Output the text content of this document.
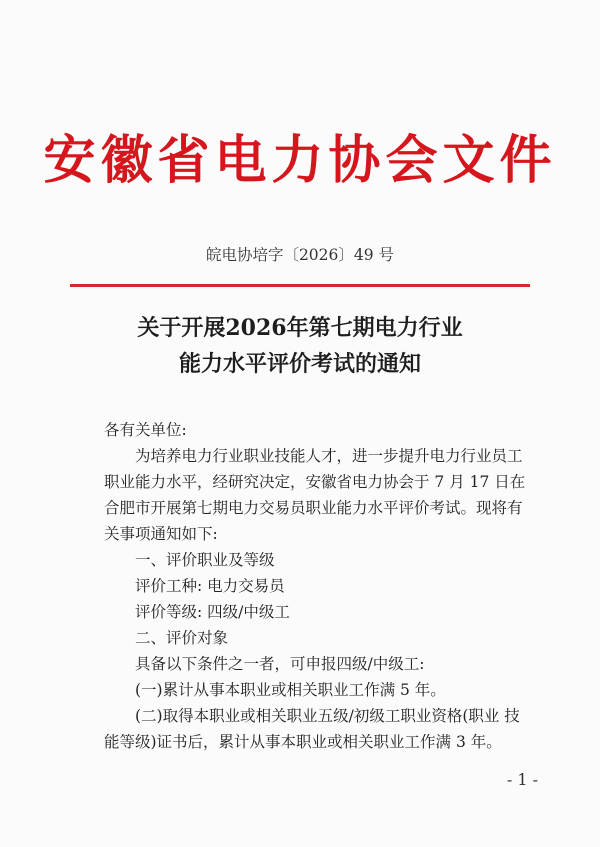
安徽省电力协会文件
皖电协培字〔2026〕49 号
关于开展2026年第七期电力行业
能力水平评价考试的通知

各有关单位:

为培养电力行业职业技能人才，进一步提升电力行业员工职业能力水平，经研究决定，安徽省电力协会于 7 月 17 日在合肥市开展第七期电力交易员职业能力水平评价考试。现将有关事项通知如下:

一、评价职业及等级

评价工种: 电力交易员

评价等级: 四级/中级工

二、评价对象

具备以下条件之一者，可申报四级/中级工:

(一)累计从事本职业或相关职业工作满 5 年。

(二)取得本职业或相关职业五级/初级工职业资格(职业 技能等级)证书后，累计从事本职业或相关职业工作满 3 年。

- 1 -
